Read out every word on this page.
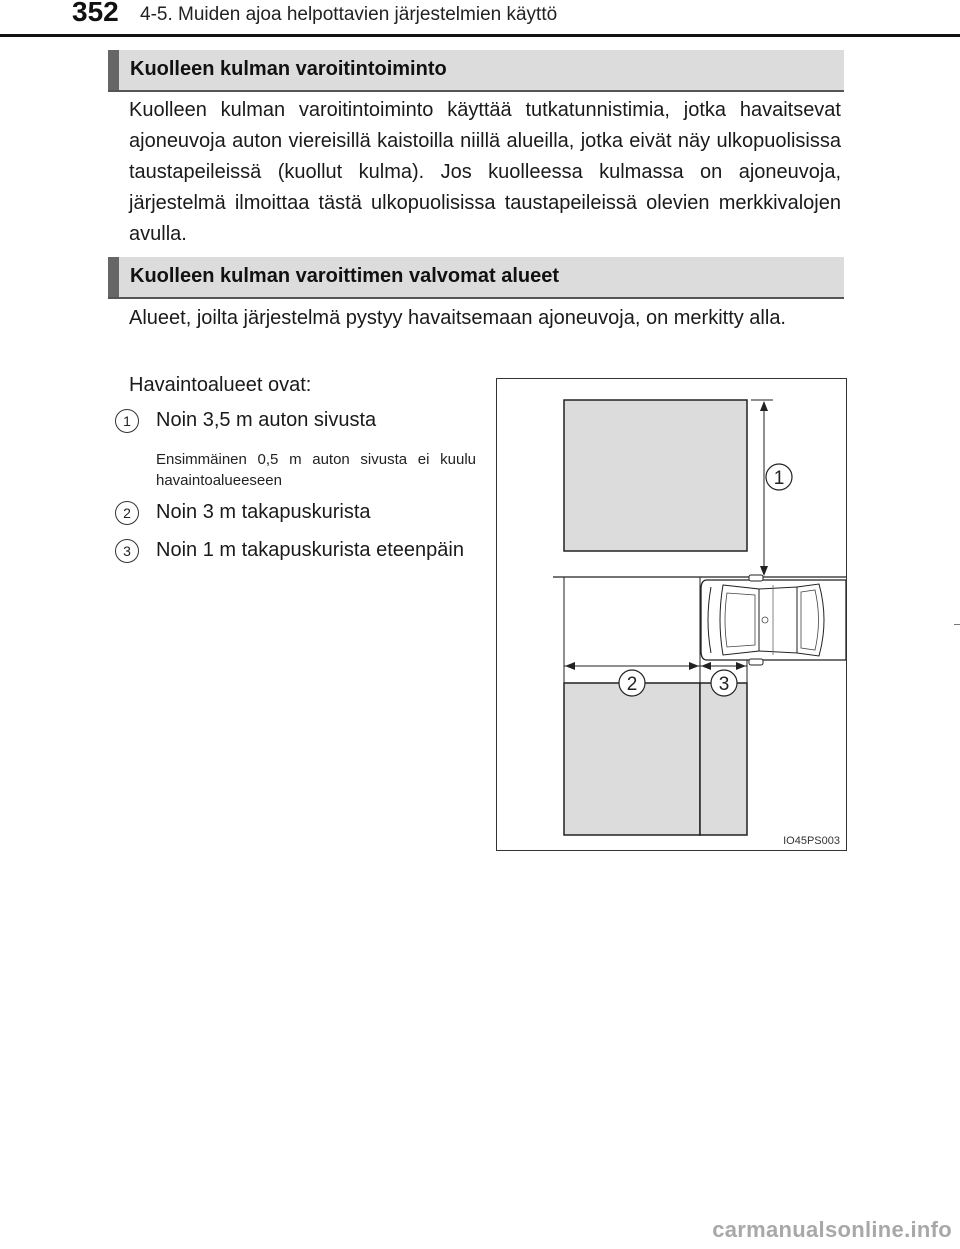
352 4-5. Muiden ajoa helpottavien järjestelmien käyttö
Kuolleen kulman varoitintoiminto
Kuolleen kulman varoitintoiminto käyttää tutkatunnistimia, jotka havaitsevat ajoneuvoja auton viereisillä kaistoilla niillä alueilla, jotka eivät näy ulkopuolisissa taustapeileissä (kuollut kulma). Jos kuolleessa kulmassa on ajoneuvoja, järjestelmä ilmoittaa tästä ulkopuolisissa taustapeileissä olevien merkkivalojen avulla.
Kuolleen kulman varoittimen valvomat alueet
Alueet, joilta järjestelmä pystyy havaitsemaan ajoneuvoja, on merkitty alla.
Havaintoalueet ovat:
1	Noin 3,5 m auton sivusta
Ensimmäinen 0,5 m auton sivusta ei kuulu havaintoalueeseen
2	Noin 3 m takapuskurista
3	Noin 1 m takapuskurista eteenpäin
1
2	3
IO45PS003
carmanualsonline.info
